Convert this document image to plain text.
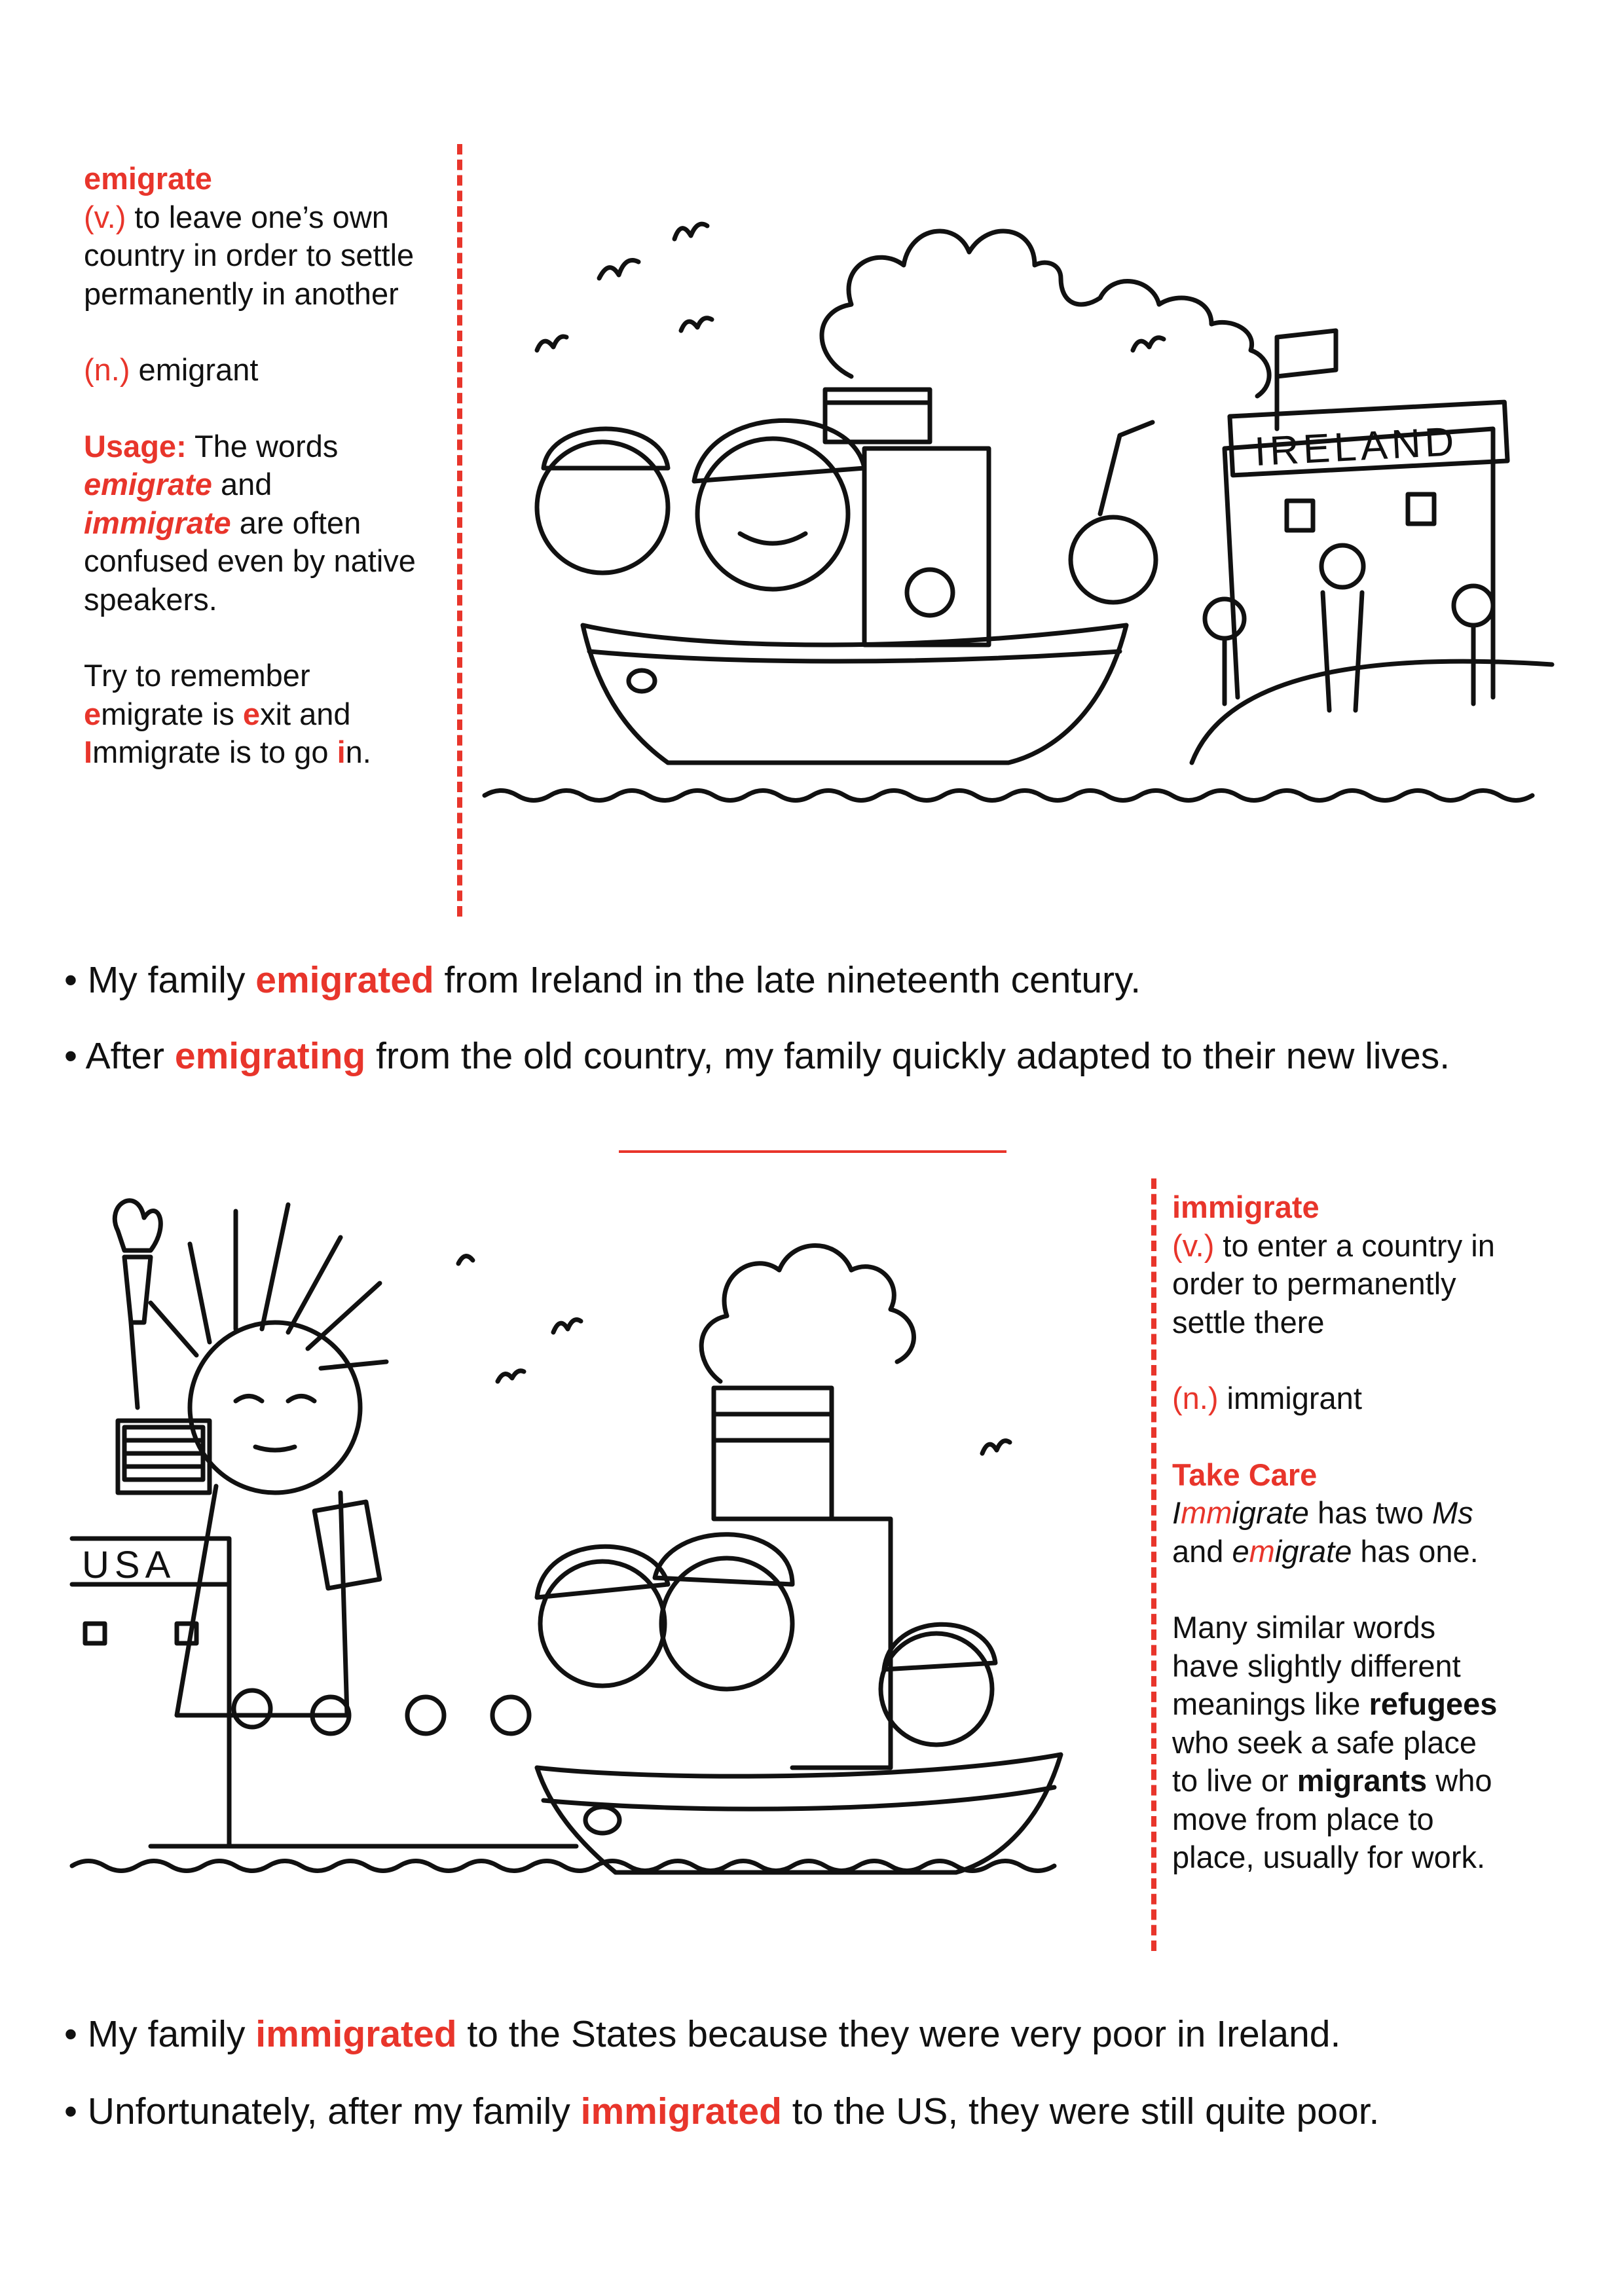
emigrate

(v.) to leave one’s own

country in order to settle

permanently in another

(n.) emigrant

Usage: The words

emigrate and

immigrate are often

confused even by native

speakers.

Try to remember

emigrate is exit and

Immigrate is to go in.

IRELAND
• My family emigrated from Ireland in the late nineteenth century.
• After emigrating from the old country, my family quickly adapted to their new lives.
USA

immigrate

(v.) to enter a country in

order to permanently

settle there

(n.) immigrant

Take Care

Immigrate has two Ms

and emigrate has one.

Many similar words

have slightly different

meanings like refugees

who seek a safe place

to live or migrants who

move from place to

place, usually for work.

• My family immigrated to the States because they were very poor in Ireland.
• Unfortunately, after my family immigrated to the US, they were still quite poor.
